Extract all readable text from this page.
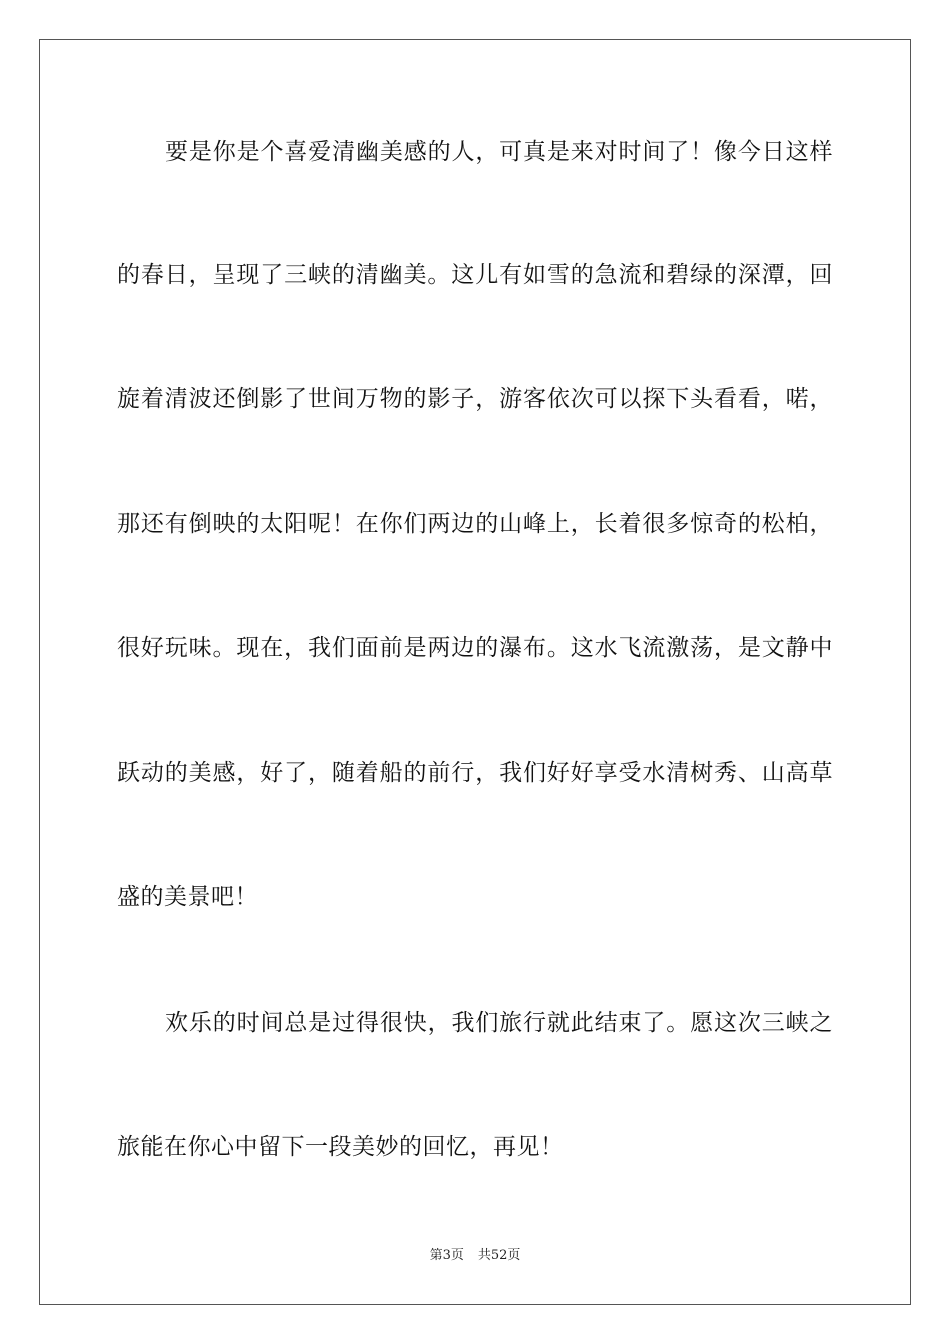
要是你是个喜爱清幽美感的人，可真是来对时间了！像今日这样
的春日，呈现了三峡的清幽美。这儿有如雪的急流和碧绿的深潭，回
旋着清波还倒影了世间万物的影子，游客依次可以探下头看看，喏，
那还有倒映的太阳呢！在你们两边的山峰上，长着很多惊奇的松柏，
很好玩味。现在，我们面前是两边的瀑布。这水飞流激荡，是文静中
跃动的美感，好了，随着船的前行，我们好好享受水清树秀、山高草
盛的美景吧！
欢乐的时间总是过得很快，我们旅行就此结束了。愿这次三峡之
旅能在你心中留下一段美妙的回忆，再见！
第3页 共52页
